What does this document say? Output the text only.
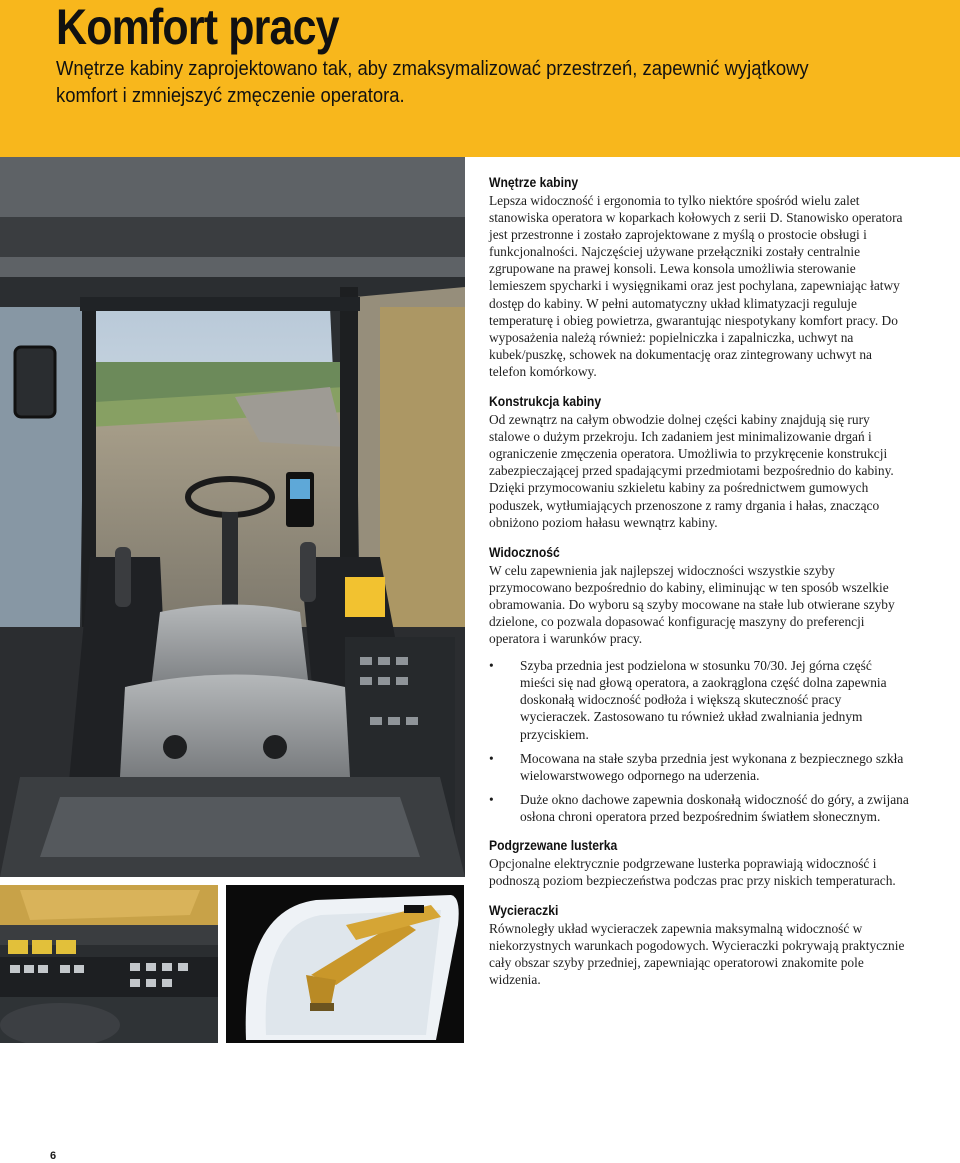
Komfort pracy
Wnętrze kabiny zaprojektowano tak, aby zmaksymalizować przestrzeń, zapewnić wyjątkowy komfort i zmniejszyć zmęczenie operatora.
Wnętrze kabiny
Lepsza widoczność i ergonomia to tylko niektóre spośród wielu zalet stanowiska operatora w koparkach kołowych z serii D. Stanowisko operatora jest przestronne i zostało zaprojektowane z myślą o prostocie obsługi i funkcjonalności. Najczęściej używane przełączniki zostały centralnie zgrupowane na prawej konsoli. Lewa konsola umożliwia sterowanie lemieszem spycharki i wysięgnikami oraz jest pochylana, zapewniając łatwy dostęp do kabiny. W pełni automatyczny układ klimatyzacji reguluje temperaturę i obieg powietrza, gwarantując niespotykany komfort pracy. Do wyposażenia należą również: popielniczka i zapalniczka, uchwyt na kubek/puszkę, schowek na dokumentację oraz zintegrowany uchwyt na telefon komórkowy.
Konstrukcja kabiny
Od zewnątrz na całym obwodzie dolnej części kabiny znajdują się rury stalowe o dużym przekroju. Ich zadaniem jest minimalizowanie drgań i ograniczenie zmęczenia operatora. Umożliwia to przykręcenie konstrukcji zabezpieczającej przed spadającymi przedmiotami bezpośrednio do kabiny. Dzięki przymocowaniu szkieletu kabiny za pośrednictwem gumowych poduszek, wytłumiających przenoszone z ramy drgania i hałas, znacząco obniżono poziom hałasu wewnątrz kabiny.
Widoczność
W celu zapewnienia jak najlepszej widoczności wszystkie szyby przymocowano bezpośrednio do kabiny, eliminując w ten sposób wszelkie obramowania. Do wyboru są szyby mocowane na stałe lub otwierane szyby dzielone, co pozwala dopasować konfigurację maszyny do preferencji operatora i warunków pracy.
• Szyba przednia jest podzielona w stosunku 70/30. Jej górna część mieści się nad głową operatora, a zaokrąglona część dolna zapewnia doskonałą widoczność podłoża i większą skuteczność pracy wycieraczek. Zastosowano tu również układ zwalniania jednym przyciskiem.
• Mocowana na stałe szyba przednia jest wykonana z bezpiecznego szkła wielowarstwowego odpornego na uderzenia.
• Duże okno dachowe zapewnia doskonałą widoczność do góry, a zwijana osłona chroni operatora przed bezpośrednim światłem słonecznym.
Podgrzewane lusterka
Opcjonalne elektrycznie podgrzewane lusterka poprawiają widoczność i podnoszą poziom bezpieczeństwa podczas prac przy niskich temperaturach.
Wycieraczki
Równoległy układ wycieraczek zapewnia maksymalną widoczność w niekorzystnych warunkach pogodowych. Wycieraczki pokrywają praktycznie cały obszar szyby przedniej, zapewniając operatorowi znakomite pole widzenia.
6
